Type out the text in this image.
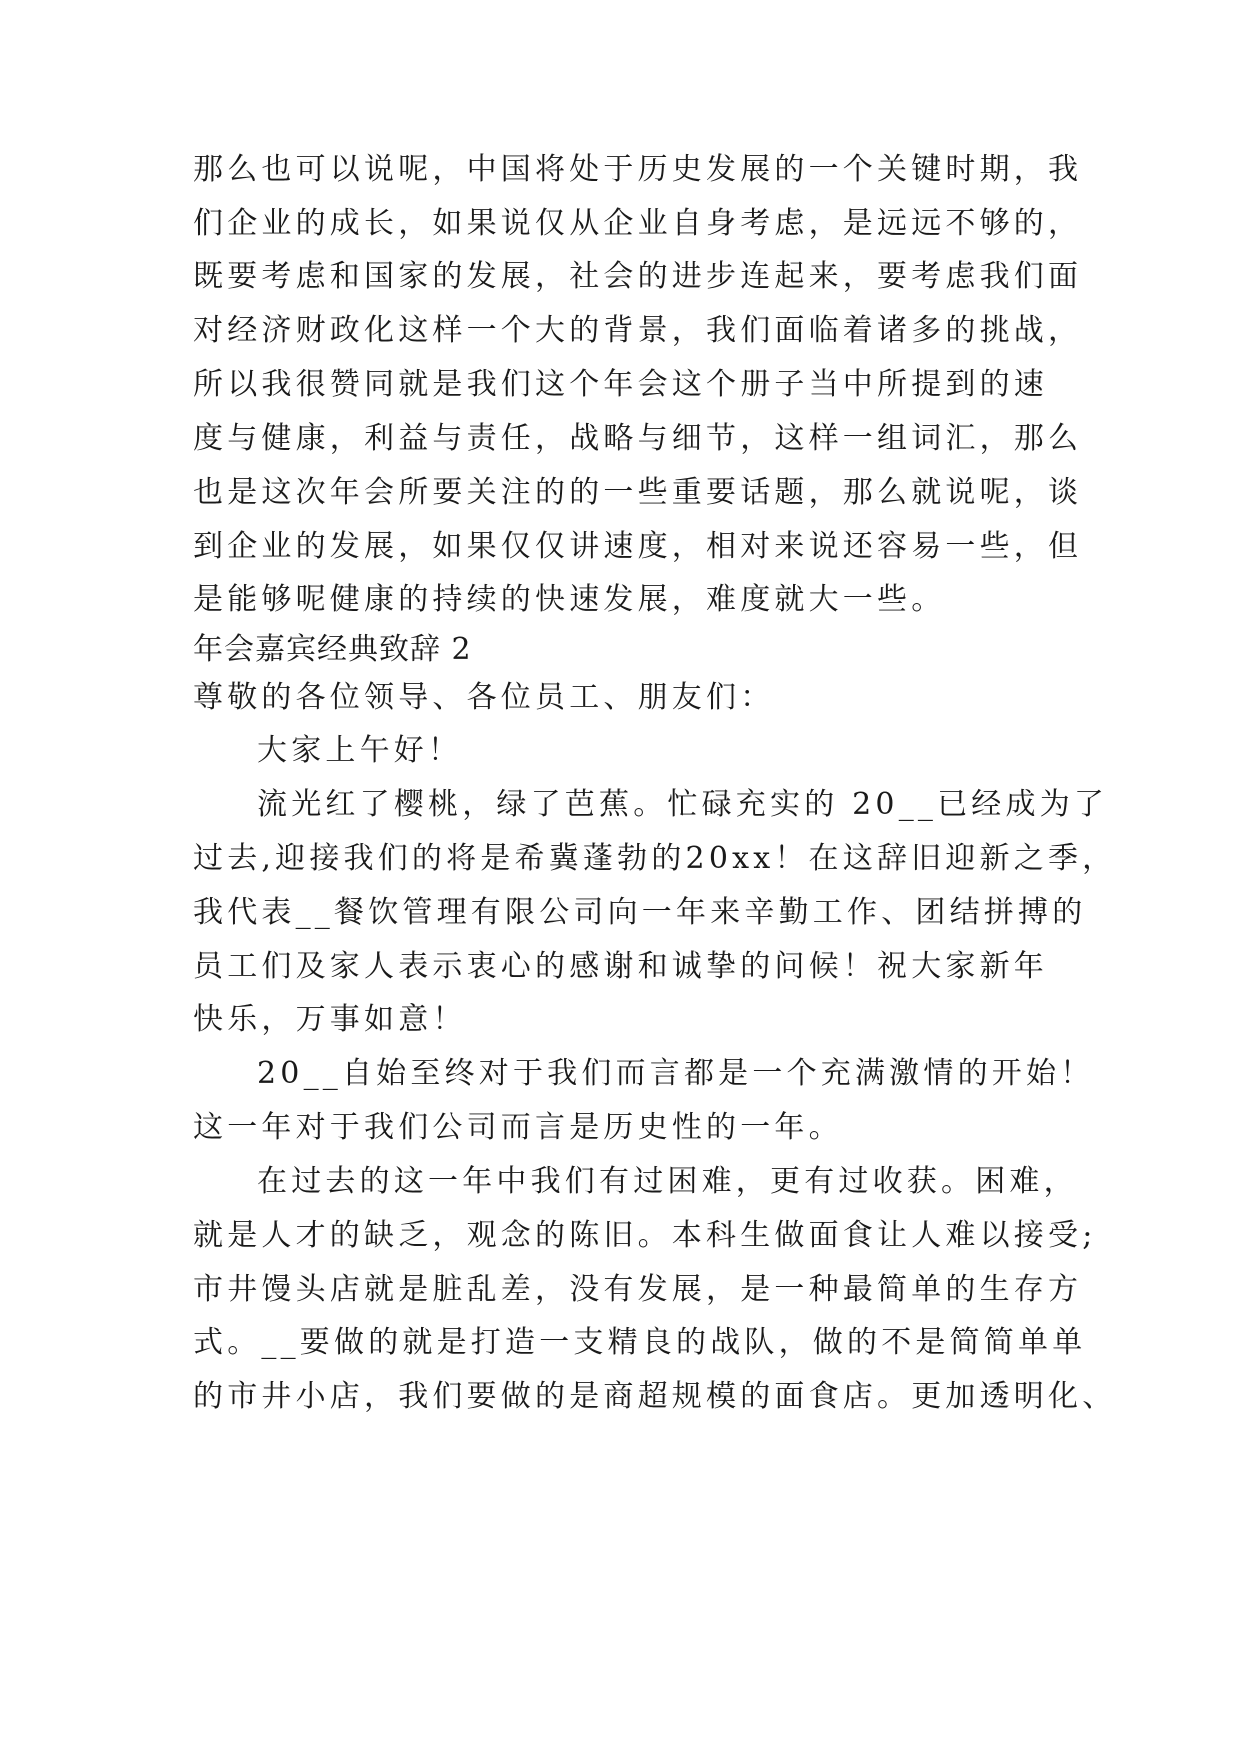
那么也可以说呢，中国将处于历史发展的一个关键时期，我
们企业的成长，如果说仅从企业自身考虑，是远远不够的，
既要考虑和国家的发展，社会的进步连起来，要考虑我们面
对经济财政化这样一个大的背景，我们面临着诸多的挑战，
所以我很赞同就是我们这个年会这个册子当中所提到的速
度与健康，利益与责任，战略与细节，这样一组词汇，那么
也是这次年会所要关注的的一些重要话题，那么就说呢，谈
到企业的发展，如果仅仅讲速度，相对来说还容易一些，但
是能够呢健康的持续的快速发展，难度就大一些。
年会嘉宾经典致辞 2
尊敬的各位领导、各位员工、朋友们：
大家上午好！
流光红了樱桃，绿了芭蕉。忙碌充实的 20__已经成为了
过去,迎接我们的将是希冀蓬勃的20xx！在这辞旧迎新之季，
我代表__餐饮管理有限公司向一年来辛勤工作、团结拼搏的
员工们及家人表示衷心的感谢和诚挚的问候！祝大家新年
快乐，万事如意！
20__自始至终对于我们而言都是一个充满激情的开始！
这一年对于我们公司而言是历史性的一年。
在过去的这一年中我们有过困难，更有过收获。困难，
就是人才的缺乏，观念的陈旧。本科生做面食让人难以接受;
市井馒头店就是脏乱差，没有发展，是一种最简单的生存方
式。__要做的就是打造一支精良的战队，做的不是简简单单
的市井小店，我们要做的是商超规模的面食店。更加透明化、
